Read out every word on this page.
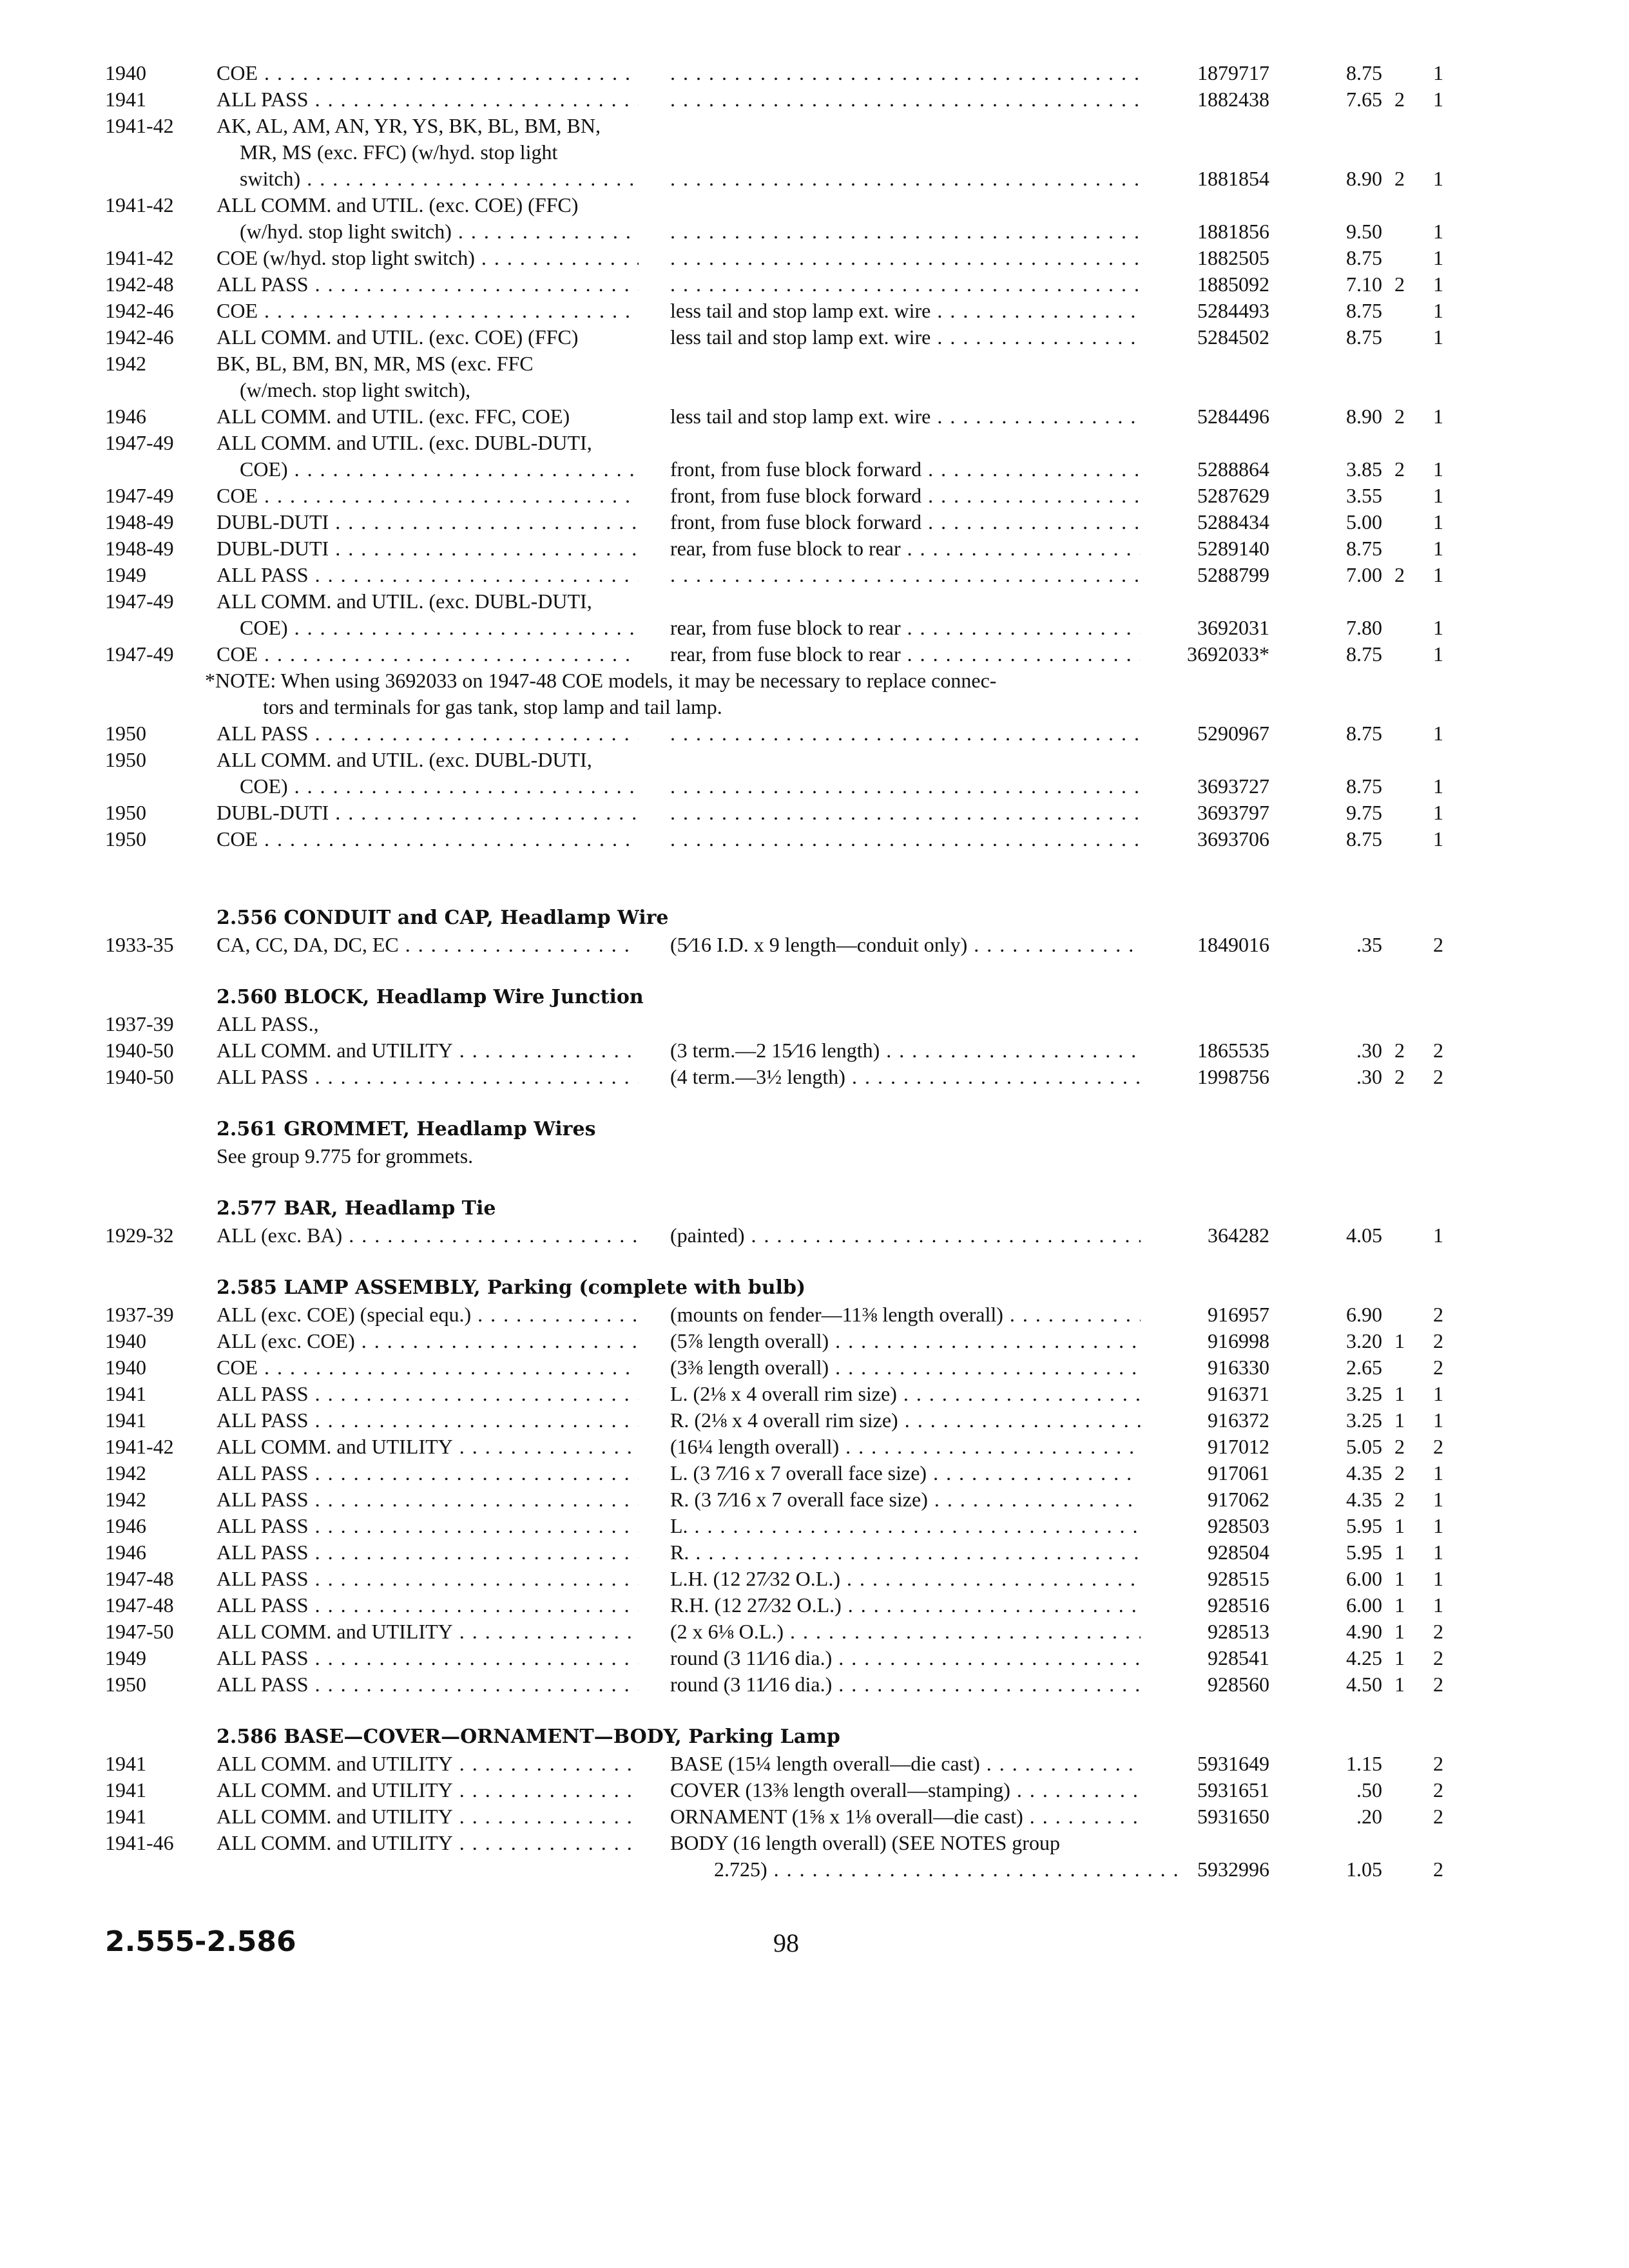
1940	COE . . . . . .	1879717	8.75	1
1941	ALL PASS . . . . . .	1882438	7.65 2	1
1941-42	AK, AL, AM, AN, YR, YS, BK, BL, BM, BN,
MR, MS (exc. FFC) (w/hyd. stop light
switch) . . . . . .	1881854	8.90 2	1
1941-42	ALL COMM. and UTIL. (exc. COE) (FFC)
(w/hyd. stop light switch) . . . . . .	1881856	9.50	1
1941-42	COE (w/hyd. stop light switch) . . . . . .	1882505	8.75	1
1942-48	ALL PASS . . . . . .	1885092	7.10 2	1
1942-46	COE . . .	less tail and stop lamp ext. wire . . .	5284493	8.75	1
1942-46	ALL COMM. and UTIL. (exc. COE) (FFC)	less tail and stop lamp ext. wire . . .	5284502	8.75	1
1942	BK, BL, BM, BN, MR, MS (exc. FFC
(w/mech. stop light switch),
1946	ALL COMM. and UTIL. (exc. FFC, COE)	less tail and stop lamp ext. wire . . .	5284496	8.90 2	1
1947-49	ALL COMM. and UTIL. (exc. DUBL-DUTI,
COE) . . .	front, from fuse block forward . . .	5288864	3.85 2	1
1947-49	COE . . .	front, from fuse block forward . . .	5287629	3.55	1
1948-49	DUBL-DUTI . . .	front, from fuse block forward . . .	5288434	5.00	1
1948-49	DUBL-DUTI . . .	rear, from fuse block to rear . . .	5289140	8.75	1
1949	ALL PASS . . . . . .	5288799	7.00 2	1
1947-49	ALL COMM. and UTIL. (exc. DUBL-DUTI,
COE) . . .	rear, from fuse block to rear . . .	3692031	7.80	1
1947-49	COE . . .	rear, from fuse block to rear . . .	3692033*	8.75	1
*NOTE: When using 3692033 on 1947-48 COE models, it may be necessary to replace connec-
tors and terminals for gas tank, stop lamp and tail lamp.
1950	ALL PASS . . . . . .	5290967	8.75	1
1950	ALL COMM. and UTIL. (exc. DUBL-DUTI,
COE) . . . . . .	3693727	8.75	1
1950	DUBL-DUTI . . . . . .	3693797	9.75	1
1950	COE . . . . . .	3693706	8.75	1
2.556 CONDUIT and CAP, Headlamp Wire
1933-35	CA, CC, DA, DC, EC . . .	(5⁄16 I.D. x 9 length—conduit only) . . .	1849016	.35	2
2.560 BLOCK, Headlamp Wire Junction
1937-39	ALL PASS.,
1940-50	ALL COMM. and UTILITY . . .	(3 term.—2 15⁄16 length) . . .	1865535	.30 2	2
1940-50	ALL PASS . . .	(4 term.—3½ length) . . .	1998756	.30 2	2
2.561 GROMMET, Headlamp Wires
See group 9.775 for grommets.
2.577 BAR, Headlamp Tie
1929-32	ALL (exc. BA) . . .	(painted) . . .	364282	4.05	1
2.585 LAMP ASSEMBLY, Parking (complete with bulb)
1937-39	ALL (exc. COE) (special equ.) . . .	(mounts on fender—11⅜ length overall) . . .	916957	6.90	2
1940	ALL (exc. COE) . . .	(5⅞ length overall) . . .	916998	3.20 1	2
1940	COE . . .	(3⅜ length overall) . . .	916330	2.65	2
1941	ALL PASS . . .	L. (2⅛ x 4 overall rim size) . . .	916371	3.25 1	1
1941	ALL PASS . . .	R. (2⅛ x 4 overall rim size) . . .	916372	3.25 1	1
1941-42	ALL COMM. and UTILITY . . .	(16¼ length overall) . . .	917012	5.05 2	2
1942	ALL PASS . . .	L. (3 7⁄16 x 7 overall face size) . . .	917061	4.35 2	1
1942	ALL PASS . . .	R. (3 7⁄16 x 7 overall face size) . . .	917062	4.35 2	1
1946	ALL PASS . . .	L. . . .	928503	5.95 1	1
1946	ALL PASS . . .	R. . . .	928504	5.95 1	1
1947-48	ALL PASS . . .	L.H. (12 27⁄32 O.L.) . . .	928515	6.00 1	1
1947-48	ALL PASS . . .	R.H. (12 27⁄32 O.L.) . . .	928516	6.00 1	1
1947-50	ALL COMM. and UTILITY . . .	(2 x 6⅛ O.L.) . . .	928513	4.90 1	2
1949	ALL PASS . . .	round (3 11⁄16 dia.) . . .	928541	4.25 1	2
1950	ALL PASS . . .	round (3 11⁄16 dia.) . . .	928560	4.50 1	2
2.586 BASE—COVER—ORNAMENT—BODY, Parking Lamp
1941	ALL COMM. and UTILITY . . .	BASE (15¼ length overall—die cast) . . .	5931649	1.15	2
1941	ALL COMM. and UTILITY . . .	COVER (13⅜ length overall—stamping) . . .	5931651	.50	2
1941	ALL COMM. and UTILITY . . .	ORNAMENT (1⅝ x 1⅛ overall—die cast) . . .	5931650	.20	2
1941-46	ALL COMM. and UTILITY . . .	BODY (16 length overall) (SEE NOTES group
2.725) . . .	5932996	1.05	2
2.555-2.586	98
